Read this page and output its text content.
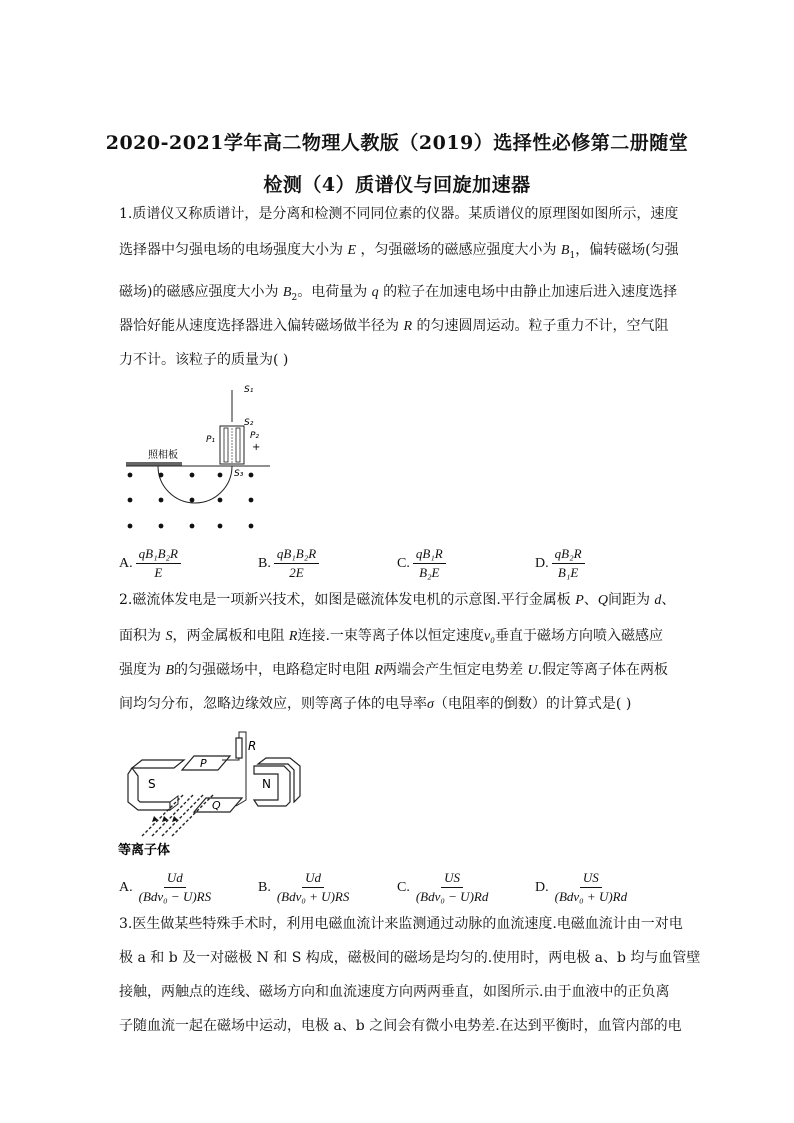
2020-2021学年高二物理人教版（2019）选择性必修第二册随堂
检测（4）质谱仪与回旋加速器
1.质谱仪又称质谱计，是分离和检测不同同位素的仪器。某质谱仪的原理图如图所示，速度
选择器中匀强电场的电场强度大小为 E ，匀强磁场的磁感应强度大小为 $B_1$，偏转磁场(匀强
磁场)的磁感应强度大小为 $B_2$。电荷量为 q 的粒子在加速电场中由静止加速后进入速度选择
器恰好能从速度选择器进入偏转磁场做半径为 R 的匀速圆周运动。粒子重力不计，空气阻
力不计。该粒子的质量为( )
S₁
S₂
P₁	P₂
+
照相板
S₃
A. $\frac{\text{qB₁B₂R}}{E}$	B. $\frac{\text{qB₁B₂R}}{2E}$	C. $\frac{\text{qB₁R}}{\text{B₂E}}$	D. $\frac{\text{qB₂R}}{\text{B₁E}}$
2.磁流体发电是一项新兴技术，如图是磁流体发电机的示意图.平行金属板 P、Q间距为 d、
面积为 S，两金属板和电阻 R连接.一束等离子体以恒定速度v₀垂直于磁场方向喷入磁感应
强度为 B的匀强磁场中，电路稳定时电阻 R两端会产生恒定电势差 U.假定等离子体在两板
间均匀分布，忽略边缘效应，则等离子体的电导率σ（电阻率的倒数）的计算式是( )
S	N
P
Q
R
等离子体
A. $\frac{Ud}{\text{(Bdv₀ − U)RS}}$	B. $\frac{Ud}{\text{(Bdv₀ + U)RS}}$	C. $\frac{US}{\text{(Bdv₀ − U)Rd}}$	D. $\frac{US}{\text{(Bdv₀ + U)Rd}}$
3.医生做某些特殊手术时，利用电磁血流计来监测通过动脉的血流速度.电磁血流计由一对电
极 a 和 b 及一对磁极 N 和 S 构成，磁极间的磁场是均匀的.使用时，两电极 a、b 均与血管壁
接触，两触点的连线、磁场方向和血流速度方向两两垂直，如图所示.由于血液中的正负离
子随血流一起在磁场中运动，电极 a、b 之间会有微小电势差.在达到平衡时，血管内部的电
